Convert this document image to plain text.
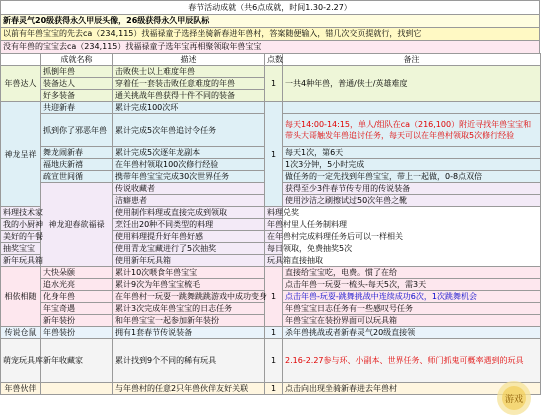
春节活动成就（共6点成就，时间1.30-2.27）
新春灵气20级获得永久甲辰头像，26级获得永久甲辰队标
以前有年兽宝宝的先去ca（234,115）找福禄童子选择坐骑新春进年兽村，答案随便输入，错几次交页提就行，找到它
没有年兽的宝宝去ca（234,115）找福禄童子选年宝再相聚领取年兽宝宝
	成就名称	描述	点数	备注	
年兽达人	抓倒年兽	击败侠士以上难度年兽	1	一共4种年兽，普通/侠士/英雄难度	
	装备达人	穿着任一套装击败任意难度的年兽			
	好多装备	通关挑战年兽获得十件不同的装备			
神龙呈祥	共迎新春	累计完成100次环	1		
	抓到你了邪恶年兽	累计完成5次年兽追讨令任务		每天14:00-14:15，单人/组队在ca（216,100）附近寻找年兽宝宝和带头大哥触发年兽追讨任务，每天可以在年兽村领取5次修行经验	
	舞龙闹新春	累计完成5次逐年龙副本		每天1次，第6天	
	福地庆新禧	在年兽村领取100次修行经验		1次3分钟，5小时完成	
	疏宣世间循	携带年兽宝宝完成30次世界任务		做任务的一定先找到年兽宝宝，带上一起做，0-8点双倍	
	神龙迎春欲福禄	传说收藏者		获得至少3件春节传专用的传说装备		
		洁癖患者		使用沙洁之刷擦试过50次年兽之靴	
料理技术家		使用制作料理或直接完成到领取	料理兑奖		
我的小厨神		烹饪出20种不同类型的料理	年兽村里人任务制料理		
美好的午餐		使用料理提升好年兽好感	在年兽村完成料理任务后可以一样相关		
抽奖宝宝		使用青龙宝藏进行了5次抽奖	每日领取，免费抽奖5次		
新年玩具箱		使用新年玩具箱	玩具箱直接抽取		
相依相随	大快朵颐	累计10次喂食年兽宝宝	1	直接给宝宝吃，电费。惯了在给	
	追水光亮	累计9次为年兽宝宝梳毛		点击年兽一玩耍一梳头-每天5次，需3天	
	化身年兽	在年兽村一玩耍一跳舞跳跳游戏中成功变身		点击年兽-玩耍-跳舞挑战中连续成功6次，1次跳舞机会	
	年宝奇遇	累计3次完成年兽宝宝的日志任务		年兽宝宝日志任务有一些感叹号任务	
	新年装扮	和年兽宝宝一起参加新年装扮		年兽宝宝在装扮界面可以玩具箱	
传说仓鼠	年兽装扮	拥有1套春节传说装备	1	杀年兽挑战或者新春灵气20级直接领	
萌宠玩具库	新年收藏家	累计找到9个不同的稀有玩具	1	2.16-2.27参与环、小副本、世界任务、师门抓鬼可概率遇到的玩具	
年兽伙伴		与年兽村的任意2只年兽伙伴友好关联	1	点击向出现坐骑新春进去年兽村	
游戏
